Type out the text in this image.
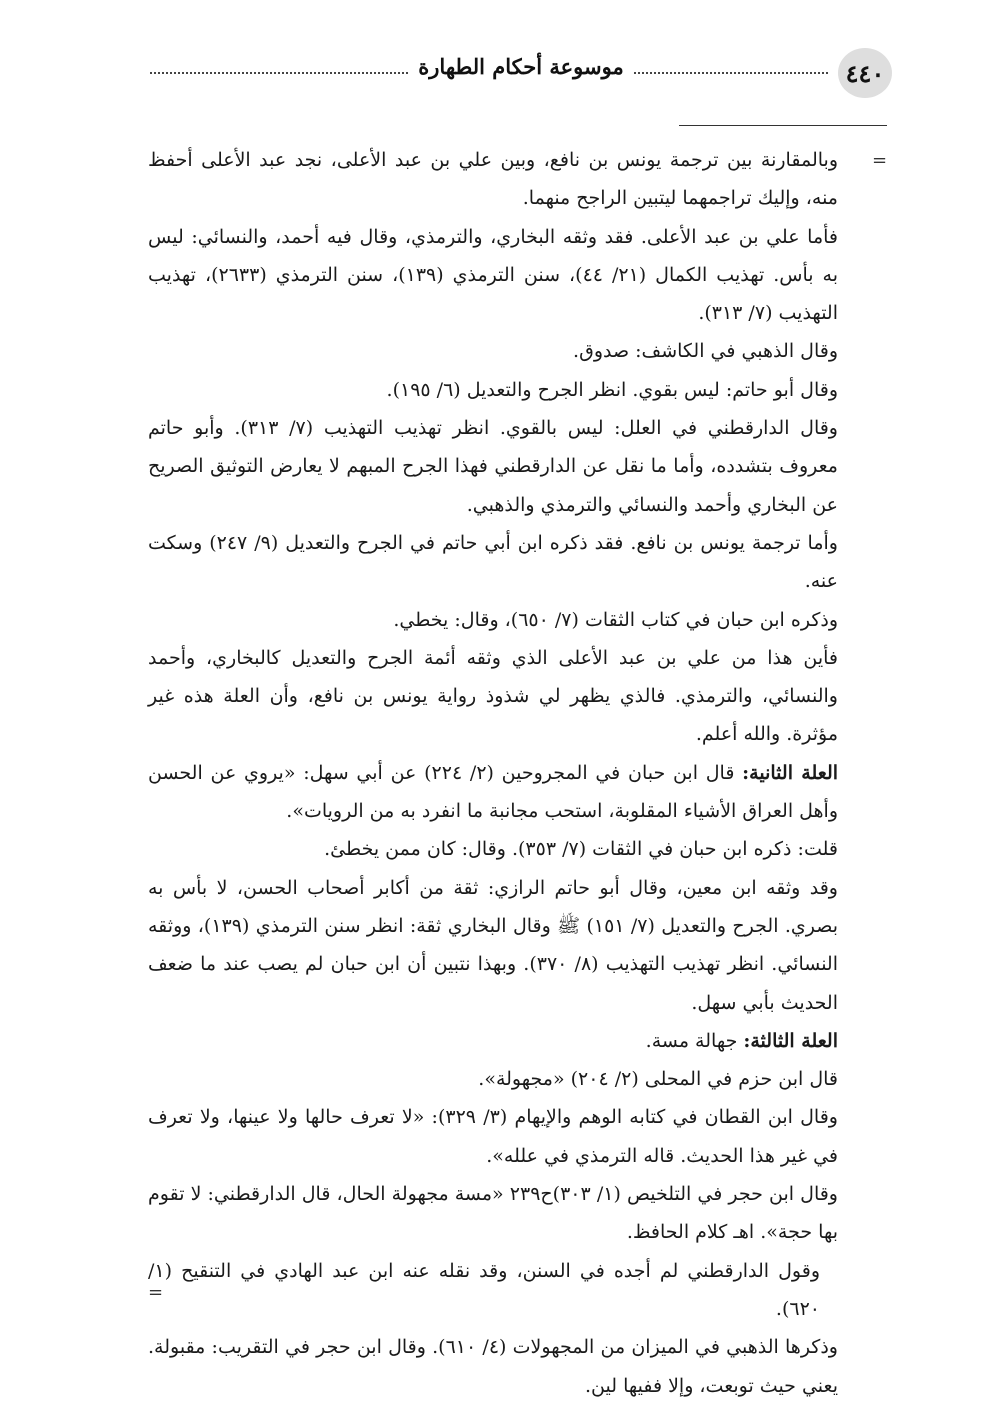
موسوعة أحكام الطهارة	٤٤٠
=

وبالمقارنة بين ترجمة يونس بن نافع، وبين علي بن عبد الأعلى، نجد عبد الأعلى أحفظ منه، وإليك تراجمهما ليتبين الراجح منهما.

فأما علي بن عبد الأعلى. فقد وثقه البخاري، والترمذي، وقال فيه أحمد، والنسائي: ليس به بأس. تهذيب الكمال (٢١/ ٤٤)، سنن الترمذي (١٣٩)، سنن الترمذي (٢٦٣٣)، تهذيب التهذيب (٧/ ٣١٣).

وقال الذهبي في الكاشف: صدوق.

وقال أبو حاتم: ليس بقوي. انظر الجرح والتعديل (٦/ ١٩٥).

وقال الدارقطني في العلل: ليس بالقوي. انظر تهذيب التهذيب (٧/ ٣١٣). وأبو حاتم معروف بتشدده، وأما ما نقل عن الدارقطني فهذا الجرح المبهم لا يعارض التوثيق الصريح عن البخاري وأحمد والنسائي والترمذي والذهبي.

وأما ترجمة يونس بن نافع. فقد ذكره ابن أبي حاتم في الجرح والتعديل (٩/ ٢٤٧) وسكت عنه.

وذكره ابن حبان في كتاب الثقات (٧/ ٦٥٠)، وقال: يخطي.

فأين هذا من علي بن عبد الأعلى الذي وثقه أئمة الجرح والتعديل كالبخاري، وأحمد والنسائي، والترمذي. فالذي يظهر لي شذوذ رواية يونس بن نافع، وأن العلة هذه غير مؤثرة. والله أعلم.

العلة الثانية: قال ابن حبان في المجروحين (٢/ ٢٢٤) عن أبي سهل: «يروي عن الحسن وأهل العراق الأشياء المقلوبة، استحب مجانبة ما انفرد به من الرويات».

قلت: ذكره ابن حبان في الثقات (٧/ ٣٥٣). وقال: كان ممن يخطئ.

وقد وثقه ابن معين، وقال أبو حاتم الرازي: ثقة من أكابر أصحاب الحسن، لا بأس به بصري. الجرح والتعديل (٧/ ١٥١) ﷺ وقال البخاري ثقة: انظر سنن الترمذي (١٣٩)، ووثقه النسائي. انظر تهذيب التهذيب (٨/ ٣٧٠). وبهذا نتبين أن ابن حبان لم يصب عند ما ضعف الحديث بأبي سهل.

العلة الثالثة: جهالة مسة.

قال ابن حزم في المحلى (٢/ ٢٠٤) «مجهولة».

وقال ابن القطان في كتابه الوهم والإيهام (٣/ ٣٢٩): «لا تعرف حالها ولا عينها، ولا تعرف في غير هذا الحديث. قاله الترمذي في علله».

وقال ابن حجر في التلخيص (١/ ٣٠٣)ح٢٣٩ «مسة مجهولة الحال، قال الدارقطني: لا تقوم بها حجة». اهـ كلام الحافظ.

وقول الدارقطني لم أجده في السنن، وقد نقله عنه ابن عبد الهادي في التنقيح (١/ ٦٢٠).

وذكرها الذهبي في الميزان من المجهولات (٤/ ٦١٠). وقال ابن حجر في التقريب: مقبولة. يعني حيث توبعت، وإلا ففيها لين.

=
